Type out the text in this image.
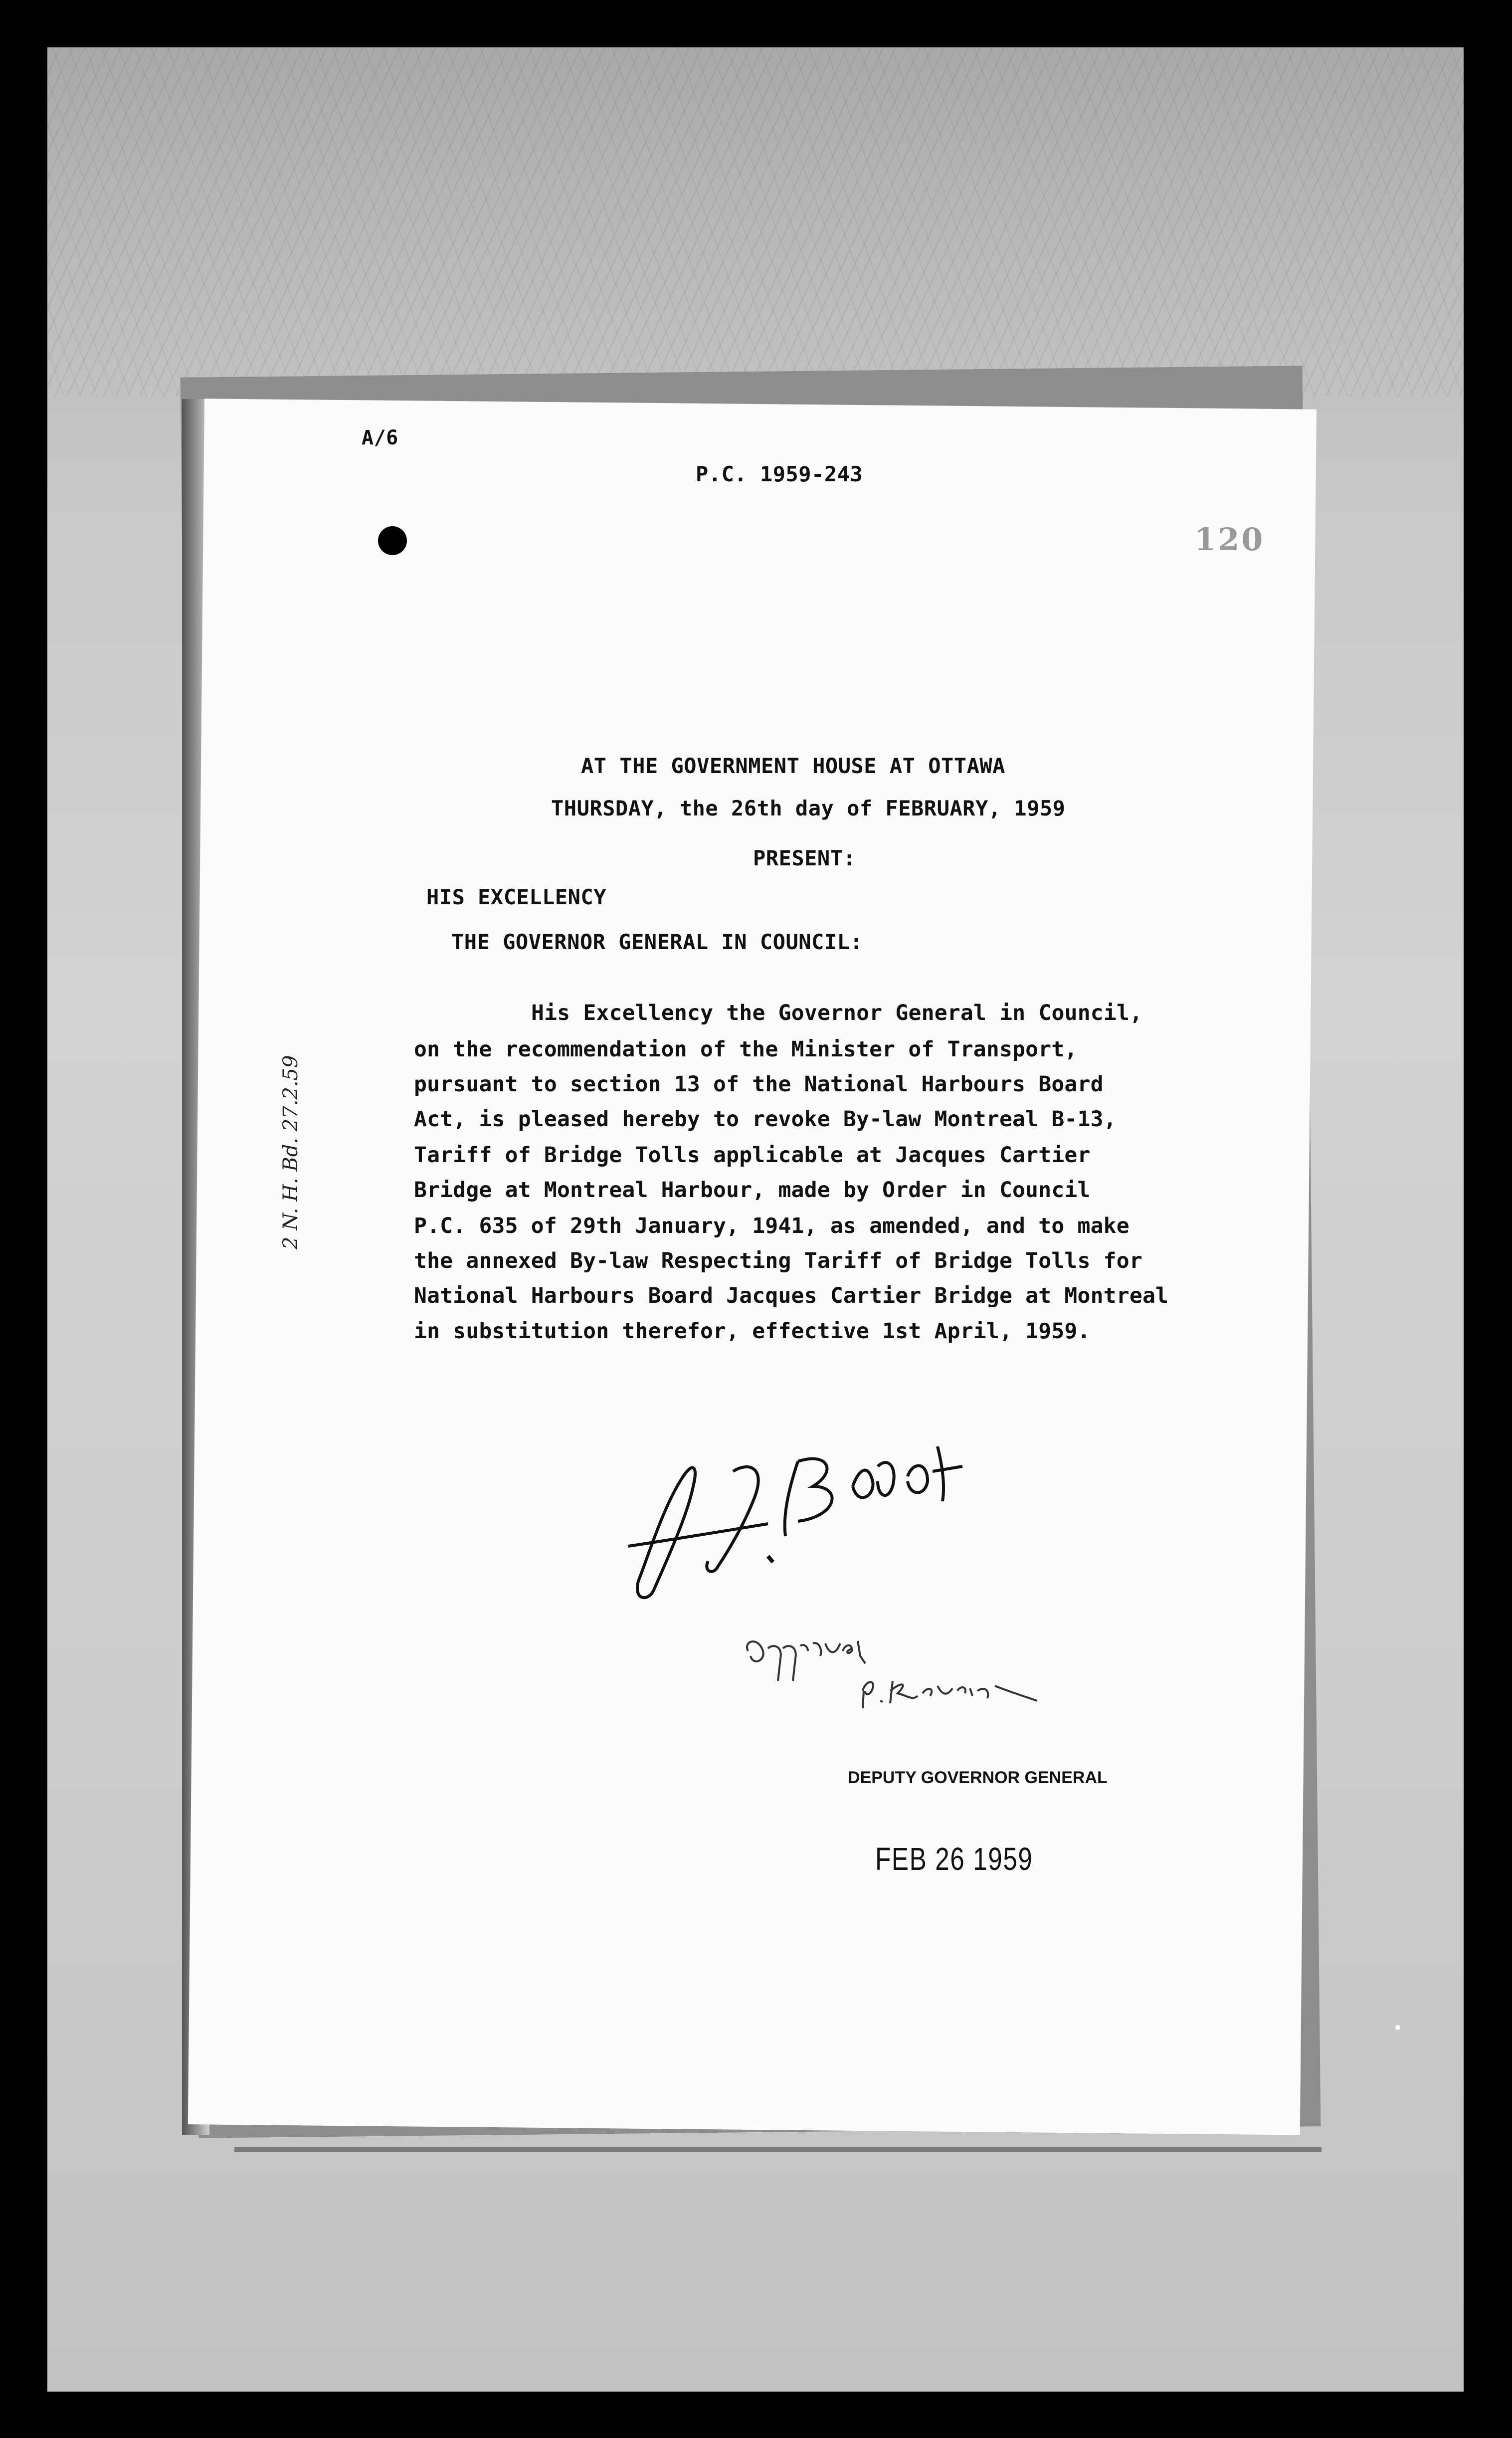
A/6

P.C. 1959-243

120

AT THE GOVERNMENT HOUSE AT OTTAWA

THURSDAY, the 26th day of FEBRUARY, 1959

PRESENT:

HIS EXCELLENCY

THE GOVERNOR GENERAL IN COUNCIL:

His Excellency the Governor General in Council,

on the recommendation of the Minister of Transport,

pursuant to section 13 of the National Harbours Board

Act, is pleased hereby to revoke By-law Montreal B-13,

Tariff of Bridge Tolls applicable at Jacques Cartier

Bridge at Montreal Harbour, made by Order in Council

P.C. 635 of 29th January, 1941, as amended, and to make

the annexed By-law Respecting Tariff of Bridge Tolls for

National Harbours Board Jacques Cartier Bridge at Montreal

in substitution therefor, effective 1st April, 1959.

2 N. H. Bd. 27.2.59

DEPUTY GOVERNOR GENERAL

FEB 26 1959
